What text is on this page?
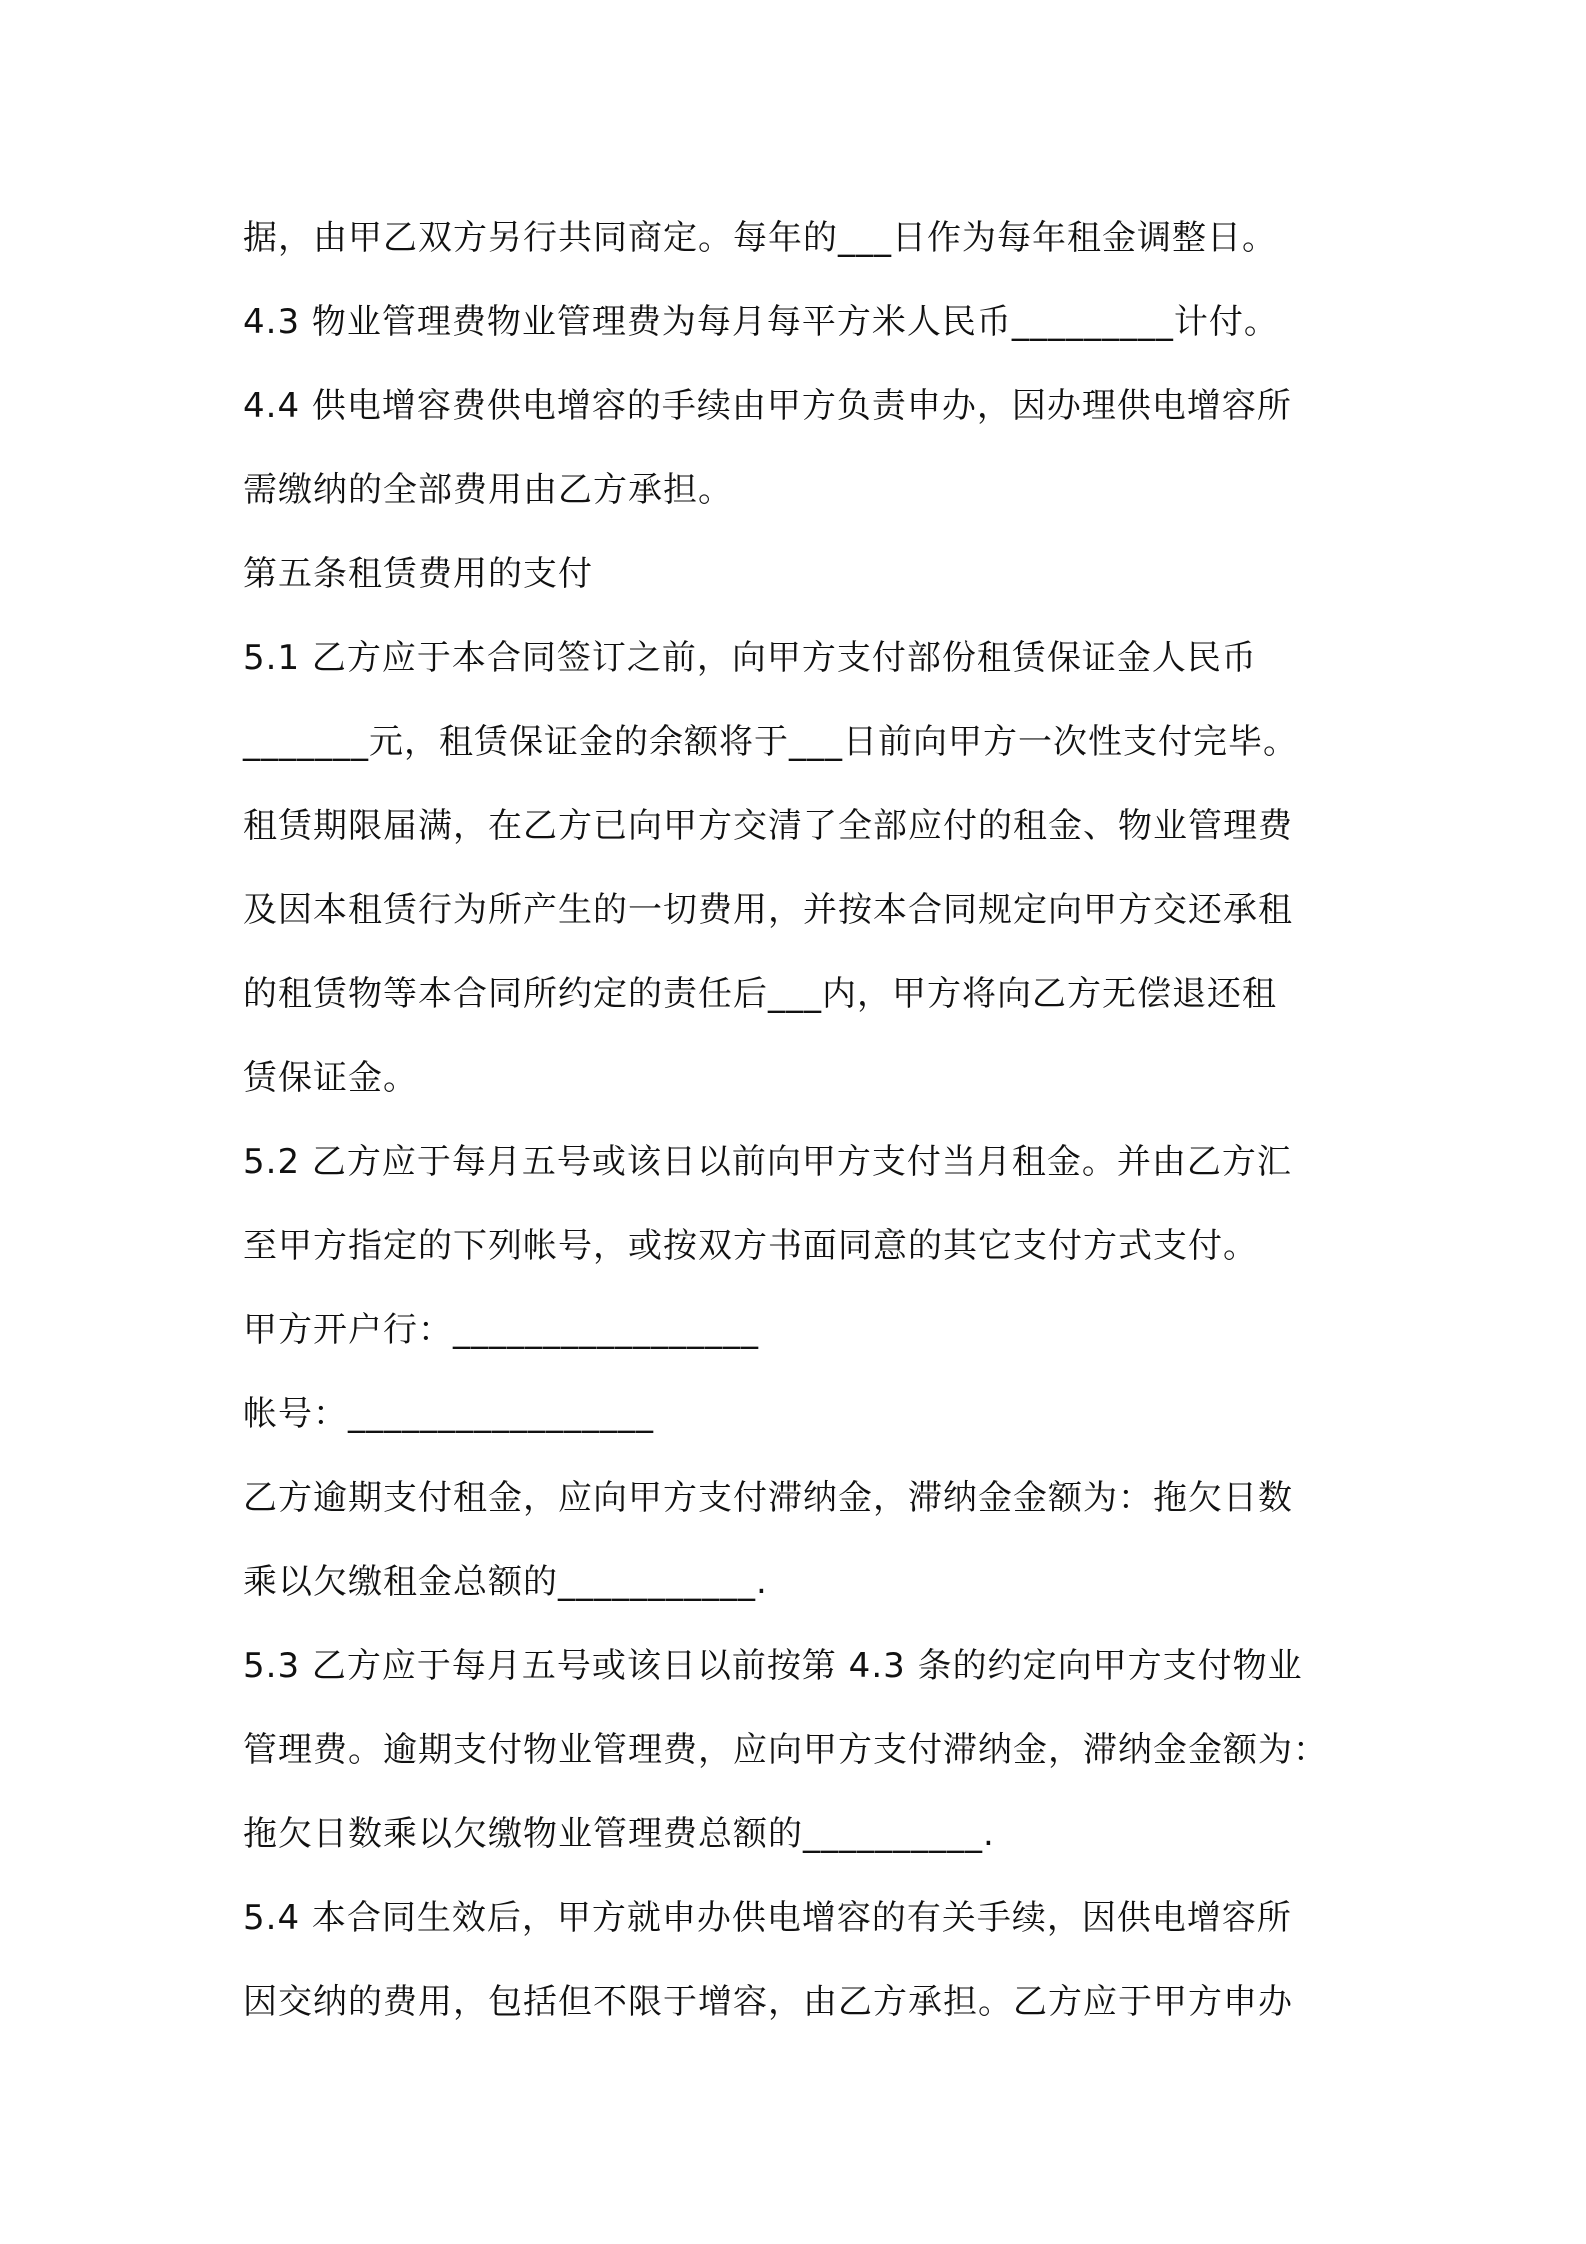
据，由甲乙双方另行共同商定。每年的___日作为每年租金调整日。
4.3 物业管理费物业管理费为每月每平方米人民币_________计付。
4.4 供电增容费供电增容的手续由甲方负责申办，因办理供电增容所
需缴纳的全部费用由乙方承担。
第五条租赁费用的支付
5.1 乙方应于本合同签订之前，向甲方支付部份租赁保证金人民币
_______元，租赁保证金的余额将于___日前向甲方一次性支付完毕。
租赁期限届满，在乙方已向甲方交清了全部应付的租金、物业管理费
及因本租赁行为所产生的一切费用，并按本合同规定向甲方交还承租
的租赁物等本合同所约定的责任后___内，甲方将向乙方无偿退还租
赁保证金。
5.2 乙方应于每月五号或该日以前向甲方支付当月租金。并由乙方汇
至甲方指定的下列帐号，或按双方书面同意的其它支付方式支付。
甲方开户行：_________________
帐号：_________________
乙方逾期支付租金，应向甲方支付滞纳金，滞纳金金额为：拖欠日数
乘以欠缴租金总额的___________.
5.3 乙方应于每月五号或该日以前按第 4.3 条的约定向甲方支付物业
管理费。逾期支付物业管理费，应向甲方支付滞纳金，滞纳金金额为：
拖欠日数乘以欠缴物业管理费总额的__________.
5.4 本合同生效后，甲方就申办供电增容的有关手续，因供电增容所
因交纳的费用，包括但不限于增容，由乙方承担。乙方应于甲方申办
